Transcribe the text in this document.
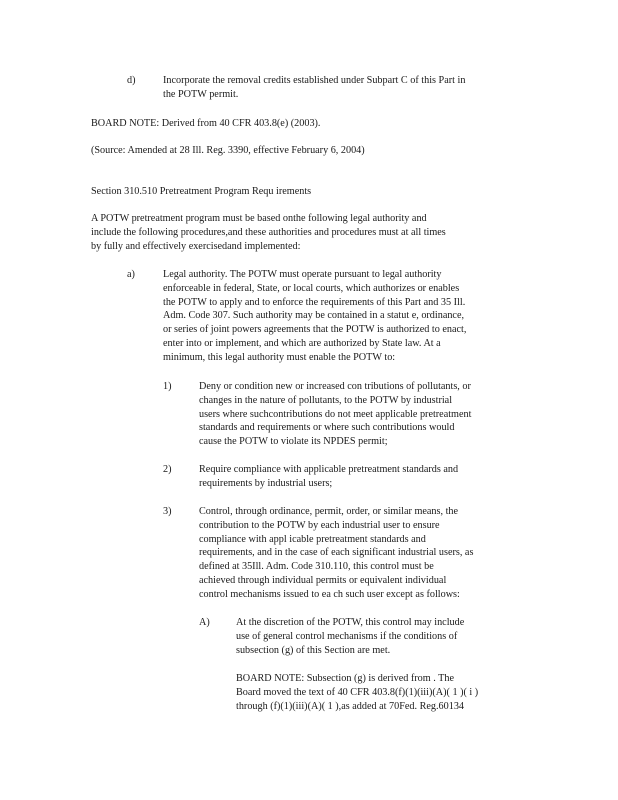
d)	Incorporate the removal credits established under Subpart C of this Part in

the POTW permit.

BOARD NOTE: Derived from 40 CFR 403.8(e) (2003).

(Source: Amended at 28 Ill. Reg. 3390, effective February 6, 2004)

Section 310.510 Pretreatment Program Requ irements

A POTW pretreatment program must be based onthe following legal authority and

include the following procedures,and these authorities and procedures must at all times

by fully and effectively exercisedand implemented:

a)	Legal authority. The POTW must operate pursuant to legal authority

enforceable in federal, State, or local courts, which authorizes or enables

the POTW to apply and to enforce the requirements of this Part and 35 Ill.

Adm. Code 307. Such authority may be contained in a statut e, ordinance,

or series of joint powers agreements that the POTW is authorized to enact,

enter into or implement, and which are authorized by State law. At a

minimum, this legal authority must enable the POTW to:

1)	Deny or condition new or increased con tributions of pollutants, or

changes in the nature of pollutants, to the POTW by industrial

users where suchcontributions do not meet applicable pretreatment

standards and requirements or where such contributions would

cause the POTW to violate its NPDES permit;

2)	Require compliance with applicable pretreatment standards and

requirements by industrial users;

3)	Control, through ordinance, permit, order, or similar means, the

contribution to the POTW by each industrial user to ensure

compliance with appl icable pretreatment standards and

requirements, and in the case of each significant industrial users, as

defined at 35Ill. Adm. Code 310.110, this control must be

achieved through individual permits or equivalent individual

control mechanisms issued to ea ch such user except as follows:

A)	At the discretion of the POTW, this control may include

use of general control mechanisms if the conditions of

subsection (g) of this Section are met.

BOARD NOTE: Subsection (g) is derived from . The

Board moved the text of 40 CFR 403.8(f)(1)(iii)(A)( 1 )( i )

through (f)(1)(iii)(A)( 1 ),as added at 70Fed. Reg.60134
